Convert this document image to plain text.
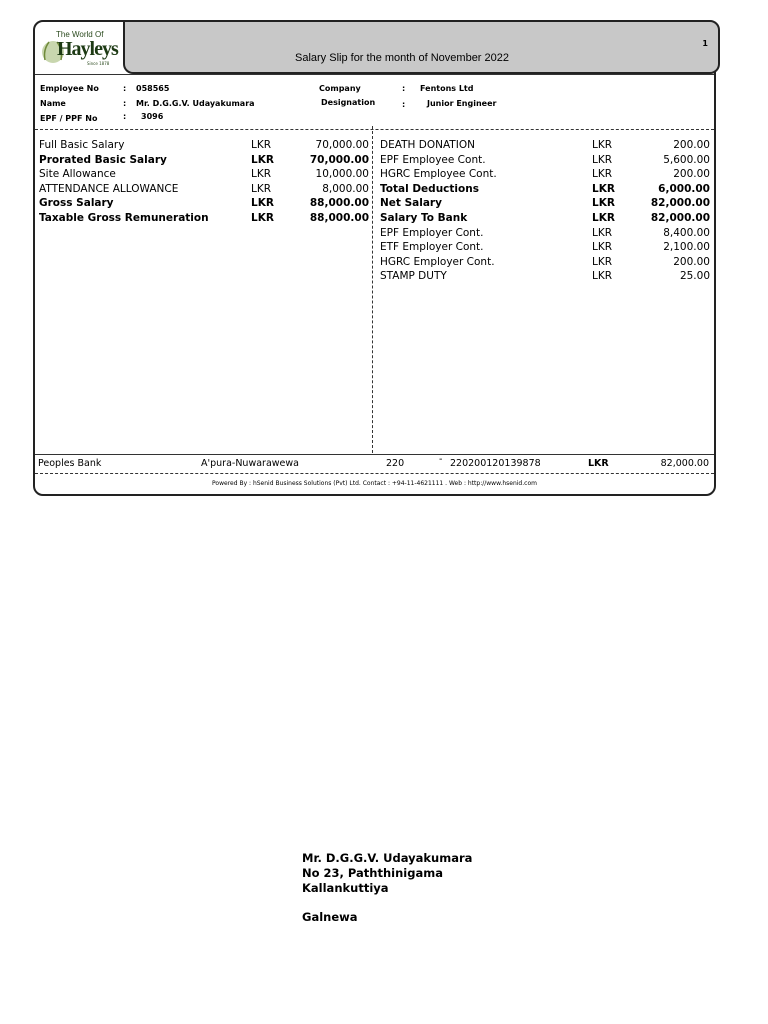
The World Of
Hayleys
Since 1878
1
Salary Slip for the month of November 2022
Employee No	: 058565
Name	: Mr. D.G.G.V. Udayakumara
EPF / PPF No	: 3096
Company	: Fentons Ltd
Designation	:	Junior Engineer
Full Basic Salary	LKR	70,000.00
Prorated Basic Salary	LKR	70,000.00
Site Allowance	LKR	10,000.00
ATTENDANCE ALLOWANCE	LKR	8,000.00
Gross Salary	LKR	88,000.00
Taxable Gross Remuneration	LKR	88,000.00
DEATH DONATION	LKR	200.00
EPF Employee Cont.	LKR	5,600.00
HGRC Employee Cont.	LKR	200.00
Total Deductions	LKR	6,000.00
Net Salary	LKR	82,000.00
Salary To Bank	LKR	82,000.00
EPF Employer Cont.	LKR	8,400.00
ETF Employer Cont.	LKR	2,100.00
HGRC Employer Cont.	LKR	200.00
STAMP DUTY	LKR	25.00
Peoples Bank	A'pura-Nuwarawewa	220	- 220200120139878	LKR	82,000.00
Powered By : hSenid Business Solutions (Pvt) Ltd. Contact : +94-11-4621111 . Web : http://www.hsenid.com
Mr. D.G.G.V. Udayakumara
No 23, Paththinigama
Kallankuttiya
Galnewa
